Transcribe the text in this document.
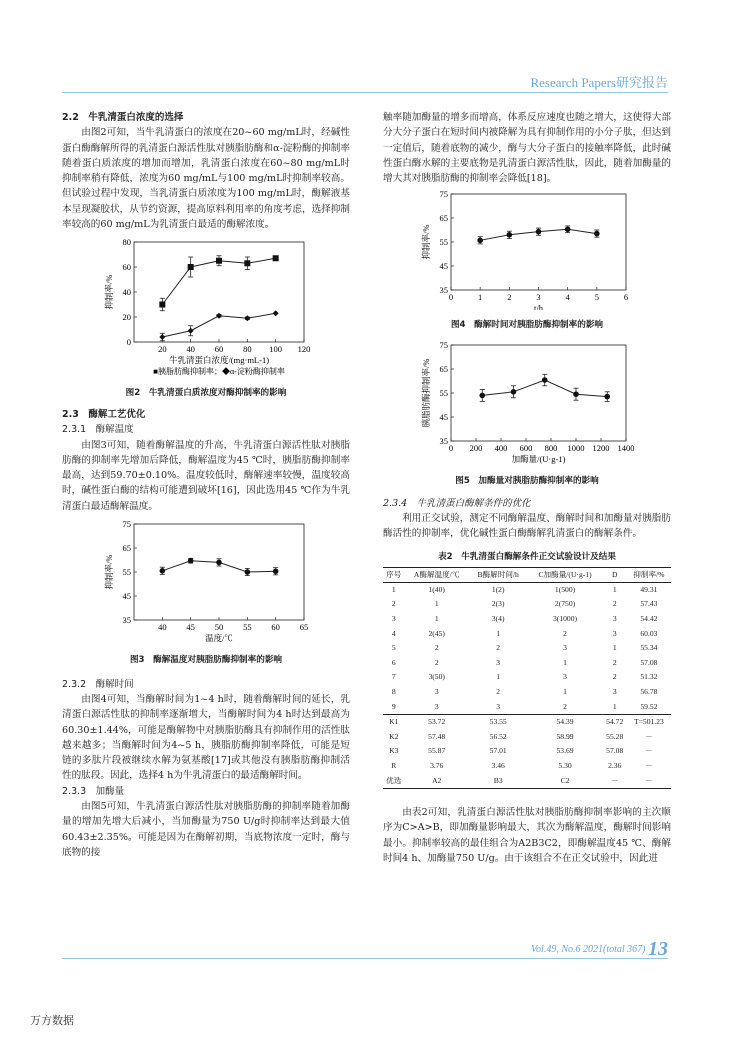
Research Papers研究报告
2.2　牛乳清蛋白浓度的选择

由图2可知，当牛乳清蛋白的浓度在20~60 mg/mL时，经碱性蛋白酶酶解所得的乳清蛋白源活性肽对胰脂肪酶和α-淀粉酶的抑制率随着蛋白质浓度的增加而增加，乳清蛋白浓度在60~80 mg/mL时抑制率稍有降低，浓度为60 mg/mL与100 mg/mL时抑制率较高。但试验过程中发现，当乳清蛋白质浓度为100 mg/mL时，酶解液基本呈现凝胶状，从节约资源，提高原料利用率的角度考虑，选择抑制率较高的60 mg/mL为乳清蛋白最适的酶解浓度。

20 40 60 80 100 120
0
20
40
60
80
牛乳清蛋白浓度/(mg·mL-1)
抑制率/%
■胰脂肪酶抑制率；◆α-淀粉酶抑制率
图2　牛乳清蛋白质浓度对酶抑制率的影响
2.3　酶解工艺优化
2.3.1　酶解温度

由图3可知，随着酶解温度的升高，牛乳清蛋白源活性肽对胰脂肪酶的抑制率先增加后降低，酶解温度为45 ℃时，胰脂肪酶抑制率最高，达到59.70±0.10%。温度较低时，酶解速率较慢，温度较高时，碱性蛋白酶的结构可能遭到破坏[16]，因此选用45 ℃作为牛乳清蛋白最适酶解温度。

40 45 50 55 60 65
35
45
55
65
75
温度/℃
抑制率/%
图3　酶解温度对胰脂肪酶抑制率的影响
2.3.2　酶解时间

由图4可知，当酶解时间为1~4 h时，随着酶解时间的延长，乳清蛋白源活性肽的抑制率逐渐增大，当酶解时间为4 h时达到最高为60.30±1.44%，可能是酶解物中对胰脂肪酶具有抑制作用的活性肽越来越多；当酶解时间为4~5 h，胰脂肪酶抑制率降低，可能是短链的多肽片段被继续水解为氨基酸[17]或其他没有胰脂肪酶抑制活性的肽段。因此，选择4 h为牛乳清蛋白的最适酶解时间。

2.3.3　加酶量

由图5可知，牛乳清蛋白源活性肽对胰脂肪酶的抑制率随着加酶量的增加先增大后减小，当加酶量为750 U/g时抑制率达到最大值60.43±2.35%。可能是因为在酶解初期，当底物浓度一定时，酶与底物的接

触率随加酶量的增多而增高，体系反应速度也随之增大，这使得大部分大分子蛋白在短时间内被降解为具有抑制作用的小分子肽，但达到一定值后，随着底物的减少，酶与大分子蛋白的接触率降低，此时碱性蛋白酶水解的主要底物是乳清蛋白源活性肽，因此，随着加酶量的增大其对胰脂肪酶的抑制率会降低[18]。

0	1	2	3	4	5	6
35
45
55
65
75
t/h
抑制率/%
图4　酶解时间对胰脂肪酶抑制率的影响
0 200 400 600 800 1000 1200 1400
35
45
55
65
75
加酶量/(U·g-1)
胰脂肪酶抑制率/%
图5　加酶量对胰脂肪酶抑制率的影响
2.3.4　牛乳清蛋白酶解条件的优化

利用正交试验，测定不同酶解温度、酶解时间和加酶量对胰脂肪酶活性的抑制率，优化碱性蛋白酶酶解乳清蛋白的酶解条件。

表2　牛乳清蛋白酶解条件正交试验设计及结果
序号	A酶解温度/℃	B酶解时间/h	C加酶量/(U·g-1)	D	抑制率/%
1	1(40)	1(2)	1(500)	1	49.31
2	1	2(3)	2(750)	2	57.43
3	1	3(4)	3(1000)	3	54.42
4	2(45)	1	2	3	60.03
5	2	2	3	1	55.34
6	2	3	1	2	57.08
7	3(50)	1	3	2	51.32
8	3	2	1	3	56.78
9	3	3	2	1	59.52
K1	53.72	53.55	54.39	54.72	T=501.23
K2	57.48	56.52	58.99	55.28	－
K3	55.87	57.01	53.69	57.08	－
R	3.76	3.46	5.30	2.36	－
优选	A2	B3	C2	－	－

由表2可知，乳清蛋白源活性肽对胰脂肪酶抑制率影响的主次顺序为C>A>B，即加酶量影响最大，其次为酶解温度，酶解时间影响最小。抑制率较高的最佳组合为A2B3C2，即酶解温度45 ℃、酶解时间4 h、加酶量750 U/g。由于该组合不在正交试验中，因此进

Vol.49, No.6 2021(total 367) 13
万方数据
